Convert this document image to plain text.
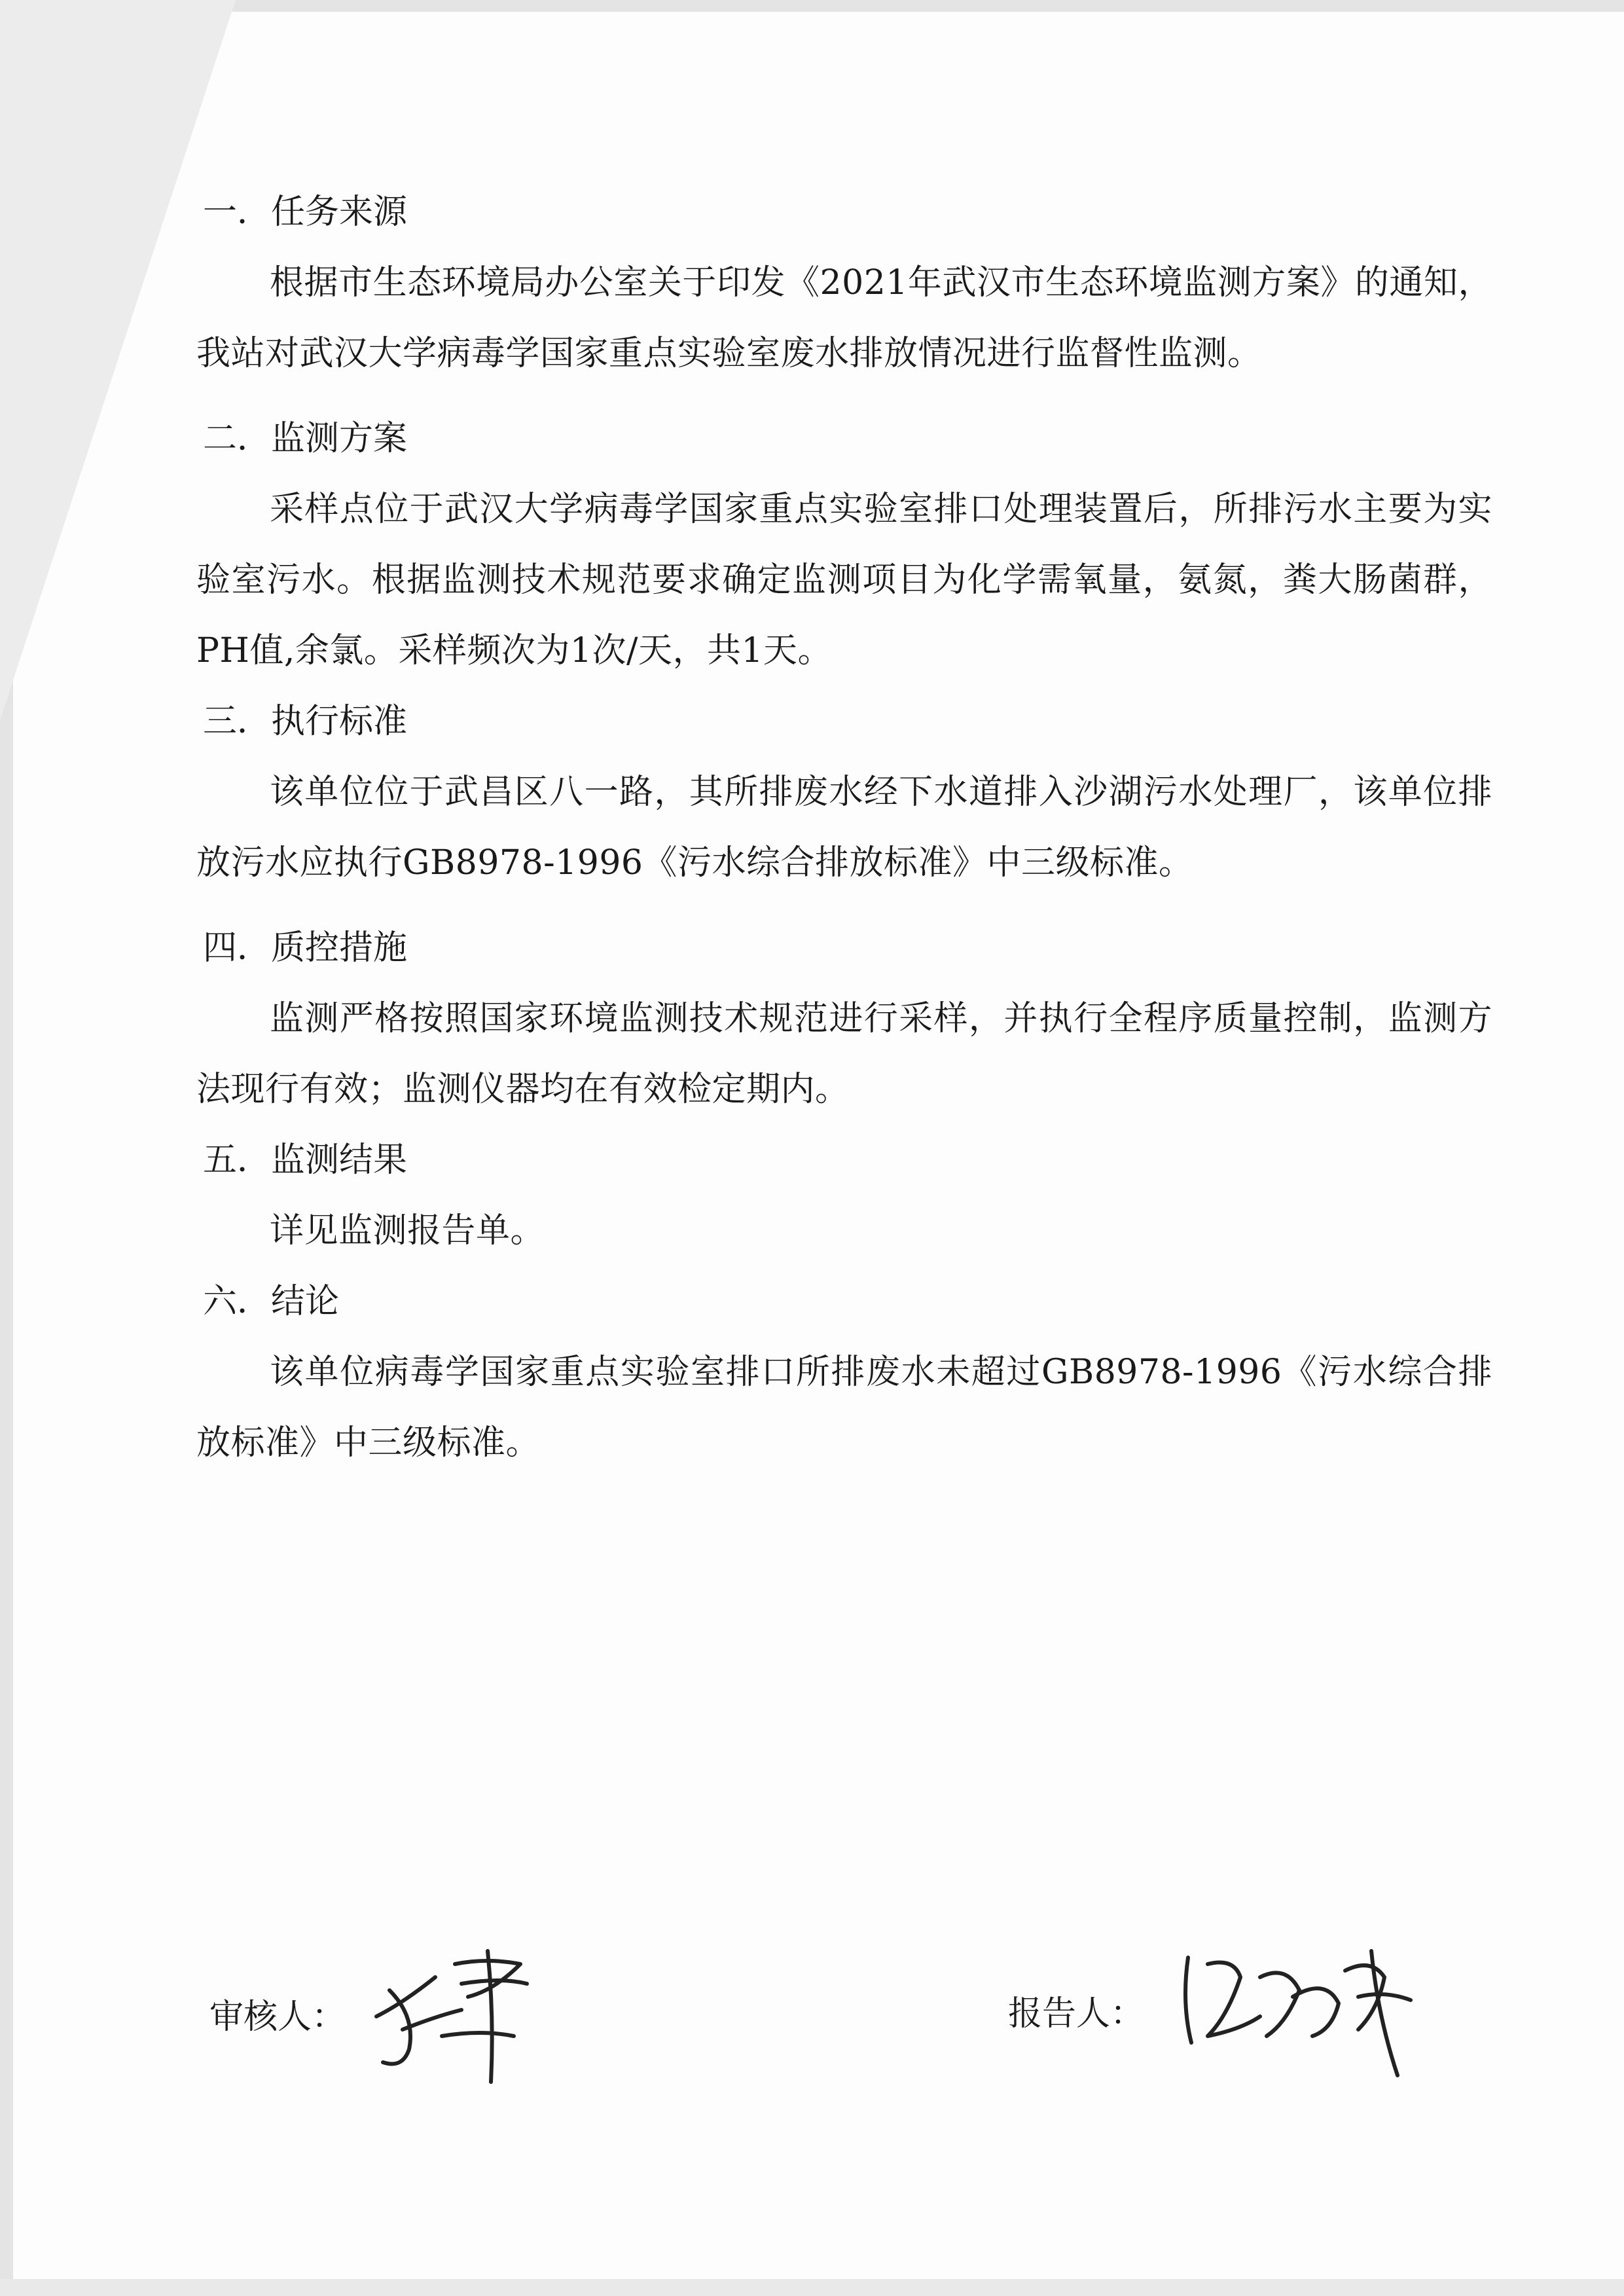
一．任务来源

根据市生态环境局办公室关于印发《2021年武汉市生态环境监测方案》的通知，我站对武汉大学病毒学国家重点实验室废水排放情况进行监督性监测。

二．监测方案

采样点位于武汉大学病毒学国家重点实验室排口处理装置后，所排污水主要为实验室污水。根据监测技术规范要求确定监测项目为化学需氧量，氨氮，粪大肠菌群，PH值,余氯。采样频次为1次/天，共1天。

三．执行标准

该单位位于武昌区八一路，其所排废水经下水道排入沙湖污水处理厂，该单位排放污水应执行GB8978-1996《污水综合排放标准》中三级标准。

四．质控措施

监测严格按照国家环境监测技术规范进行采样，并执行全程序质量控制，监测方法现行有效；监测仪器均在有效检定期内。

五．监测结果

详见监测报告单。

六．结论

该单位病毒学国家重点实验室排口所排废水未超过GB8978-1996《污水综合排放标准》中三级标准。

审核人：	报告人：
